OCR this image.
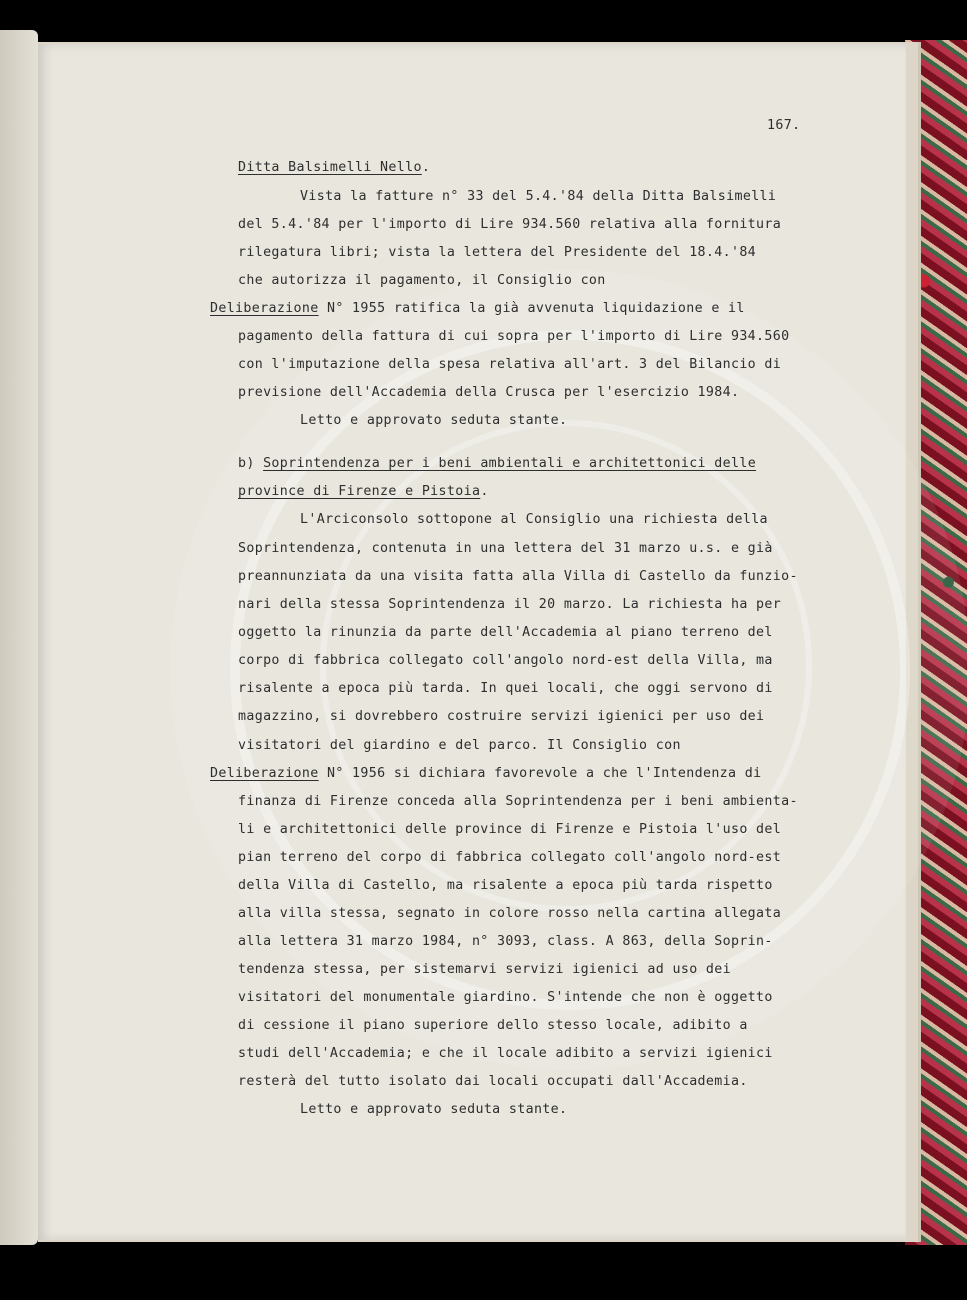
167.
Ditta Balsimelli Nello.
Vista la fatture n° 33 del 5.4.'84 della Ditta Balsimelli
del 5.4.'84 per l'importo di Lire 934.560 relativa alla fornitura
rilegatura libri; vista la lettera del Presidente del 18.4.'84
che autorizza il pagamento, il Consiglio con
Deliberazione N° 1955 ratifica la già avvenuta liquidazione e il
pagamento della fattura di cui sopra per l'importo di Lire 934.560
con l'imputazione della spesa relativa all'art. 3 del Bilancio di
previsione dell'Accademia della Crusca per l'esercizio 1984.
Letto e approvato seduta stante.
b) Soprintendenza per i beni ambientali e architettonici delle
province di Firenze e Pistoia.
L'Arciconsolo sottopone al Consiglio una richiesta della
Soprintendenza, contenuta in una lettera del 31 marzo u.s. e già
preannunziata da una visita fatta alla Villa di Castello da funzio-
nari della stessa Soprintendenza il 20 marzo. La richiesta ha per
oggetto la rinunzia da parte dell'Accademia al piano terreno del
corpo di fabbrica collegato coll'angolo nord-est della Villa, ma
risalente a epoca più tarda. In quei locali, che oggi servono di
magazzino, si dovrebbero costruire servizi igienici per uso dei
visitatori del giardino e del parco. Il Consiglio con
Deliberazione N° 1956 si dichiara favorevole a che l'Intendenza di
finanza di Firenze conceda alla Soprintendenza per i beni ambienta-
li e architettonici delle province di Firenze e Pistoia l'uso del
pian terreno del corpo di fabbrica collegato coll'angolo nord-est
della Villa di Castello, ma risalente a epoca più tarda rispetto
alla villa stessa, segnato in colore rosso nella cartina allegata
alla lettera 31 marzo 1984, n° 3093, class. A 863, della Soprin-
tendenza stessa, per sistemarvi servizi igienici ad uso dei
visitatori del monumentale giardino. S'intende che non è oggetto
di cessione il piano superiore dello stesso locale, adibito a
studi dell'Accademia; e che il locale adibito a servizi igienici
resterà del tutto isolato dai locali occupati dall'Accademia.
Letto e approvato seduta stante.
